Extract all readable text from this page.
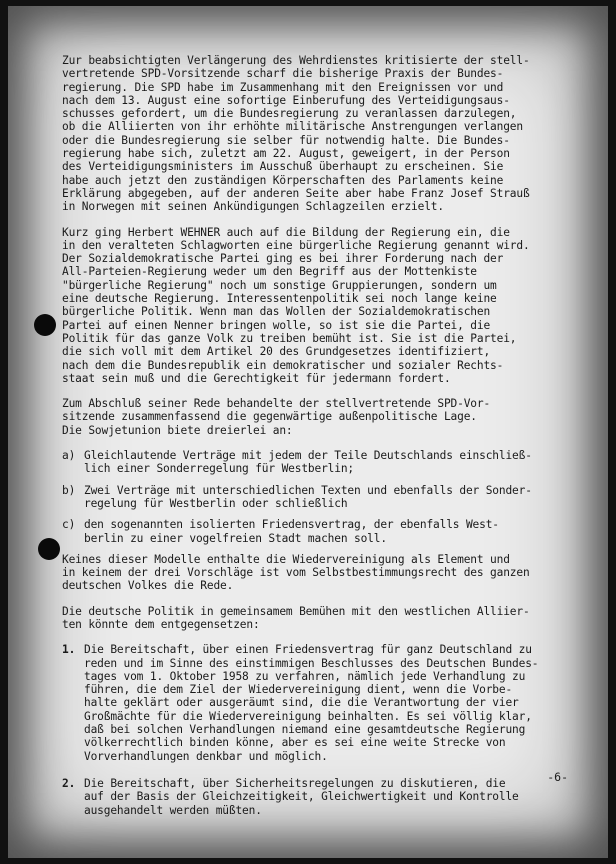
Zur beabsichtigten Verlängerung des Wehrdienstes kritisierte der stell-
vertretende SPD-Vorsitzende scharf die bisherige Praxis der Bundes-
regierung. Die SPD habe im Zusammenhang mit den Ereignissen vor und
nach dem 13. August eine sofortige Einberufung des Verteidigungsaus-
schusses gefordert, um die Bundesregierung zu veranlassen darzulegen,
ob die Alliierten von ihr erhöhte militärische Anstrengungen verlangen
oder die Bundesregierung sie selber für notwendig halte. Die Bundes-
regierung habe sich, zuletzt am 22. August, geweigert, in der Person
des Verteidigungsministers im Ausschuß überhaupt zu erscheinen. Sie
habe auch jetzt den zuständigen Körperschaften des Parlaments keine
Erklärung abgegeben, auf der anderen Seite aber habe Franz Josef Strauß
in Norwegen mit seinen Ankündigungen Schlagzeilen erzielt.
Kurz ging Herbert WEHNER auch auf die Bildung der Regierung ein, die
in den veralteten Schlagworten eine bürgerliche Regierung genannt wird.
Der Sozialdemokratische Partei ging es bei ihrer Forderung nach der
All-Parteien-Regierung weder um den Begriff aus der Mottenkiste
"bürgerliche Regierung" noch um sonstige Gruppierungen, sondern um
eine deutsche Regierung. Interessentenpolitik sei noch lange keine
bürgerliche Politik. Wenn man das Wollen der Sozialdemokratischen
Partei auf einen Nenner bringen wolle, so ist sie die Partei, die
Politik für das ganze Volk zu treiben bemüht ist. Sie ist die Partei,
die sich voll mit dem Artikel 20 des Grundgesetzes identifiziert,
nach dem die Bundesrepublik ein demokratischer und sozialer Rechts-
staat sein muß und die Gerechtigkeit für jedermann fordert.
Zum Abschluß seiner Rede behandelte der stellvertretende SPD-Vor-
sitzende zusammenfassend die gegenwärtige außenpolitische Lage.
Die Sowjetunion biete dreierlei an:
a) Gleichlautende Verträge mit jedem der Teile Deutschlands einschließ-
lich einer Sonderregelung für Westberlin;
b) Zwei Verträge mit unterschiedlichen Texten und ebenfalls der Sonder-
regelung für Westberlin oder schließlich
c) den sogenannten isolierten Friedensvertrag, der ebenfalls West-
berlin zu einer vogelfreien Stadt machen soll.
Keines dieser Modelle enthalte die Wiedervereinigung als Element und
in keinem der drei Vorschläge ist vom Selbstbestimmungsrecht des ganzen
deutschen Volkes die Rede.
Die deutsche Politik in gemeinsamem Bemühen mit den westlichen Alliier-
ten könnte dem entgegensetzen:
1. Die Bereitschaft, über einen Friedensvertrag für ganz Deutschland zu
reden und im Sinne des einstimmigen Beschlusses des Deutschen Bundes-
tages vom 1. Oktober 1958 zu verfahren, nämlich jede Verhandlung zu
führen, die dem Ziel der Wiedervereinigung dient, wenn die Vorbe-
halte geklärt oder ausgeräumt sind, die die Verantwortung der vier
Großmächte für die Wiedervereinigung beinhalten. Es sei völlig klar,
daß bei solchen Verhandlungen niemand eine gesamtdeutsche Regierung
völkerrechtlich binden könne, aber es sei eine weite Strecke von
Vorverhandlungen denkbar und möglich.
2. Die Bereitschaft, über Sicherheitsregelungen zu diskutieren, die
auf der Basis der Gleichzeitigkeit, Gleichwertigkeit und Kontrolle
ausgehandelt werden müßten.
-6-
